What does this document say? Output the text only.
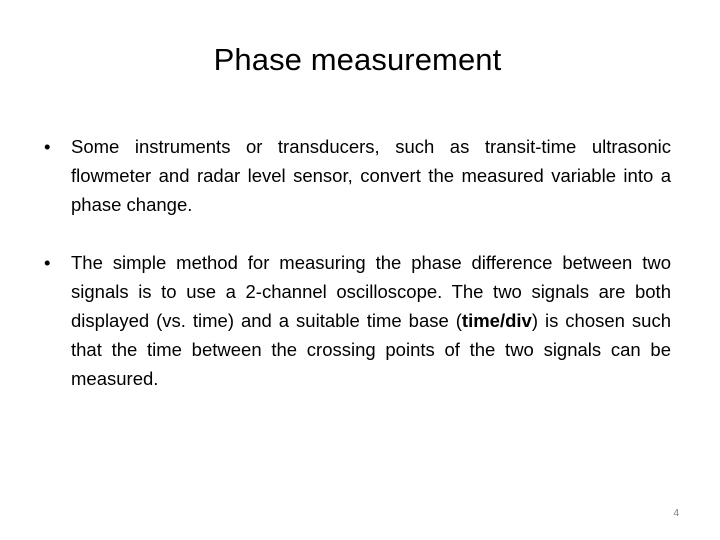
Phase measurement
• Some instruments or transducers, such as transit-time ultrasonic flowmeter and radar level sensor, convert the measured variable into a phase change.
• The simple method for measuring the phase difference between two signals is to use a 2-channel oscilloscope. The two signals are both displayed (vs. time) and a suitable time base (time/div) is chosen such that the time between the crossing points of the two signals can be measured.
4
